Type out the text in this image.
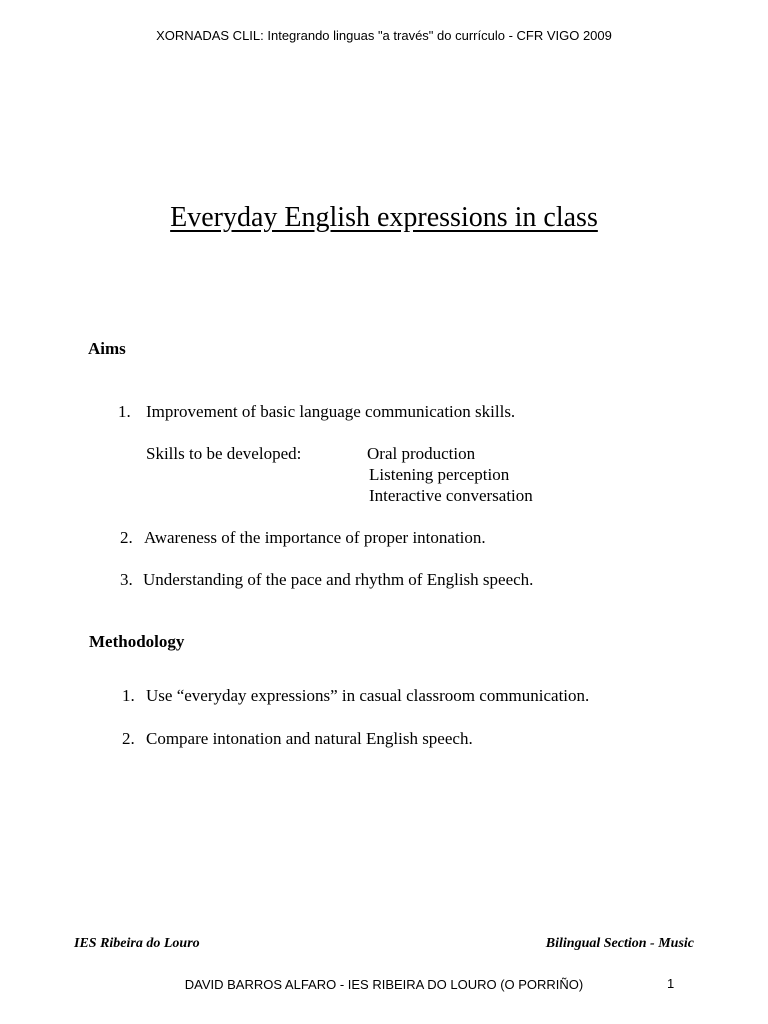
XORNADAS CLIL: Integrando linguas "a través" do currículo - CFR VIGO 2009
Everyday English expressions in class
Aims
1. Improvement of basic language communication skills.
Skills to be developed:	Oral production
Listening perception
Interactive conversation
2. Awareness of the importance of proper intonation.
3. Understanding of the pace and rhythm of English speech.
Methodology
1. Use “everyday expressions” in casual classroom communication.
2. Compare intonation and natural English speech.
IES Ribeira do Louro	Bilingual Section - Music
DAVID BARROS ALFARO - IES RIBEIRA DO LOURO (O PORRIÑO)	1
